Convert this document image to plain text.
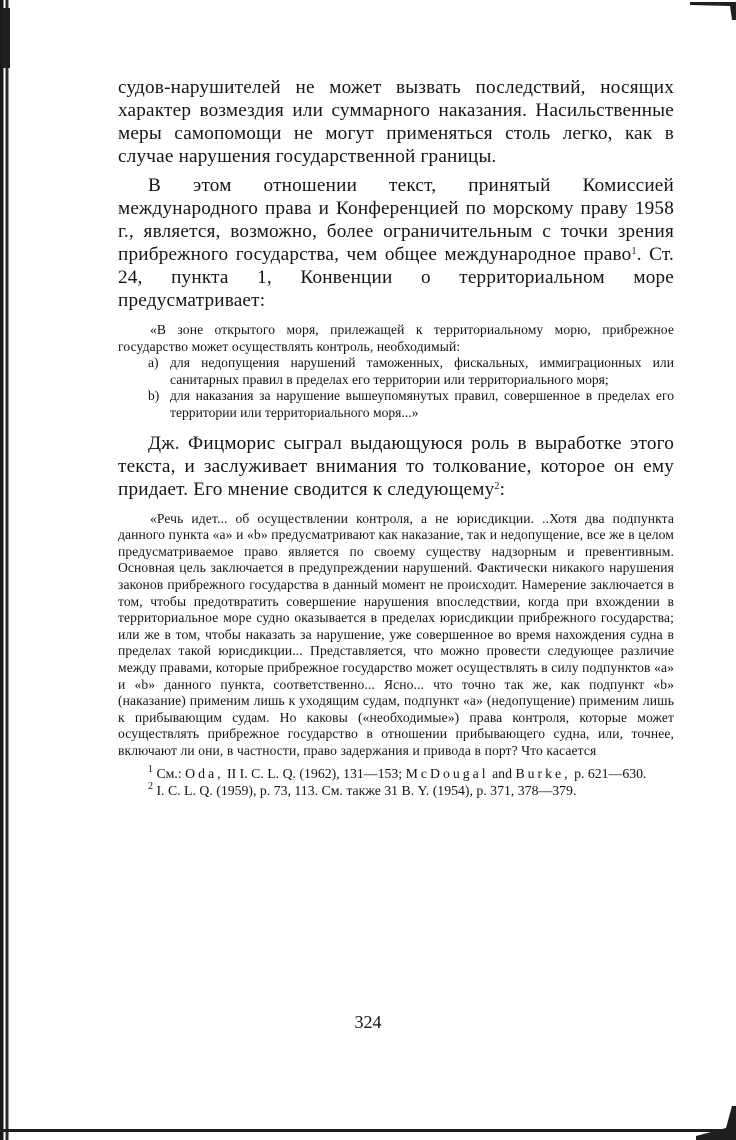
судов-нарушителей не может вызвать последствий, носящих характер возмездия или суммарного наказания. Насильственные меры самопомощи не могут применяться столь легко, как в случае нарушения государственной границы.

В этом отношении текст, принятый Комиссией международного права и Конференцией по морскому праву 1958 г., является, возможно, более ограничительным с точки зрения прибрежного государства, чем общее международное право$^1$. Ст. 24, пункта 1, Конвенции о территориальном море предусматривает:

«В зоне открытого моря, прилежащей к территориальному морю, прибрежное государство может осуществлять контроль, необходимый:

a) для недопущения нарушений таможенных, фискальных, иммиграционных или санитарных правил в пределах его территории или территориального моря;
b) для наказания за нарушение вышеупомянутых правил, совершенное в пределах его территории или территориального моря...»

Дж. Фицморис сыграл выдающуюся роль в выработке этого текста, и заслуживает внимания то толкование, которое он ему придает. Его мнение сводится к следующему$^2$:

«Речь идет... об осуществлении контроля, а не юрисдикции. ..Хотя два подпункта данного пункта «а» и «b» предусматривают как наказание, так и недопущение, все же в целом предусматриваемое право является по своему существу надзорным и превентивным. Основная цель заключается в предупреждении нарушений. Фактически никакого нарушения законов прибрежного государства в данный момент не происходит. Намерение заключается в том, чтобы предотвратить совершение нарушения впоследствии, когда при вхождении в территориальное море судно оказывается в пределах юрисдикции прибрежного государства; или же в том, чтобы наказать за нарушение, уже совершенное во время нахождения судна в пределах такой юрисдикции... Представляется, что можно провести следующее различие между правами, которые прибрежное государство может осуществлять в силу подпунктов «а» и «b» данного пункта, соответственно... Ясно... что точно так же, как подпункт «b» (наказание) применим лишь к уходящим судам, подпункт «а» (недопущение) применим лишь к прибывающим судам. Но каковы («необходимые») права контроля, которые может осуществлять прибрежное государство в отношении прибывающего судна, или, точнее, включают ли они, в частности, право задержания и привода в порт? Что касается

$^1$ См.: Oda, II I. C. L. Q. (1962), 131—153; McDougal and Burke, p. 621—630.

$^2$ I. C. L. Q. (1959), p. 73, 113. См. также 31 В. Y. (1954), p. 371, 378—379.

324
